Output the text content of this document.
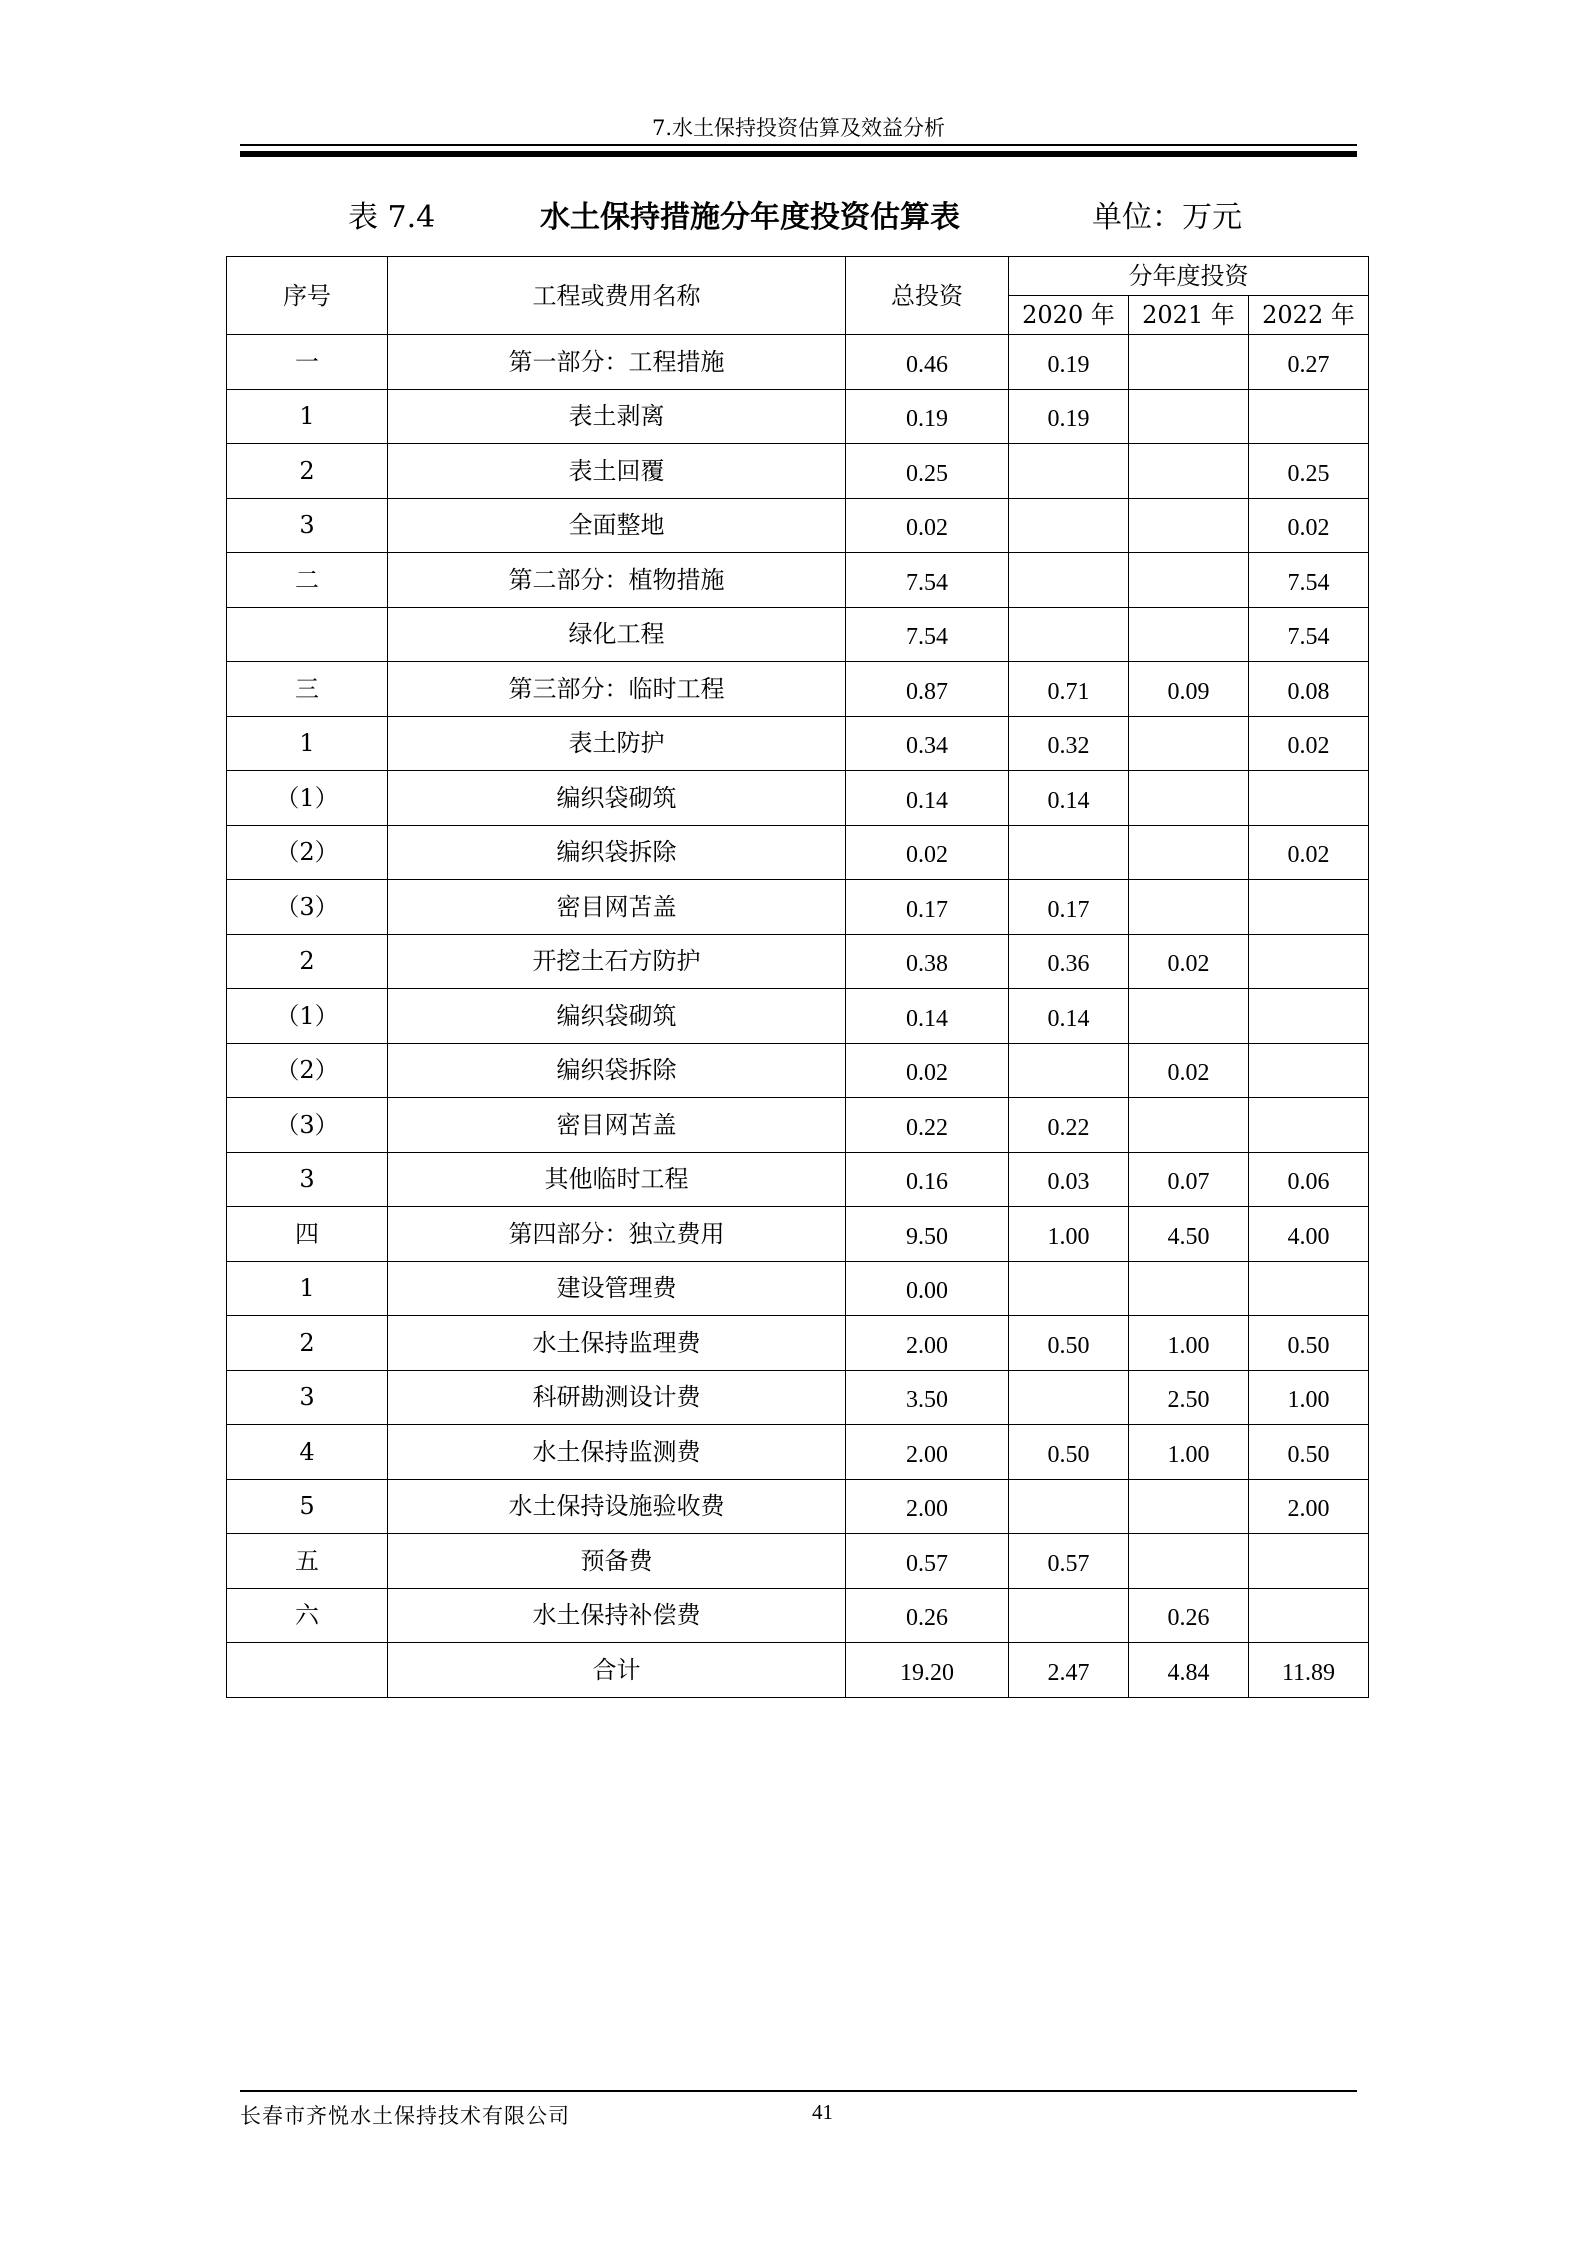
7.水土保持投资估算及效益分析
表 7.4	水土保持措施分年度投资估算表	单位：万元
序号	工程或费用名称	总投资	分年度投资		
			2020 年	2021 年	2022 年
一	第一部分：工程措施	0.46	0.19		0.27
1	表土剥离	0.19	0.19		
2	表土回覆	0.25			0.25
3	全面整地	0.02			0.02
二	第二部分：植物措施	7.54			7.54
	绿化工程	7.54			7.54
三	第三部分：临时工程	0.87	0.71	0.09	0.08
1	表土防护	0.34	0.32		0.02
（1）	编织袋砌筑	0.14	0.14		
（2）	编织袋拆除	0.02			0.02
（3）	密目网苫盖	0.17	0.17		
2	开挖土石方防护	0.38	0.36	0.02	
（1）	编织袋砌筑	0.14	0.14		
（2）	编织袋拆除	0.02		0.02	
（3）	密目网苫盖	0.22	0.22		
3	其他临时工程	0.16	0.03	0.07	0.06
四	第四部分：独立费用	9.50	1.00	4.50	4.00
1	建设管理费	0.00			
2	水土保持监理费	2.00	0.50	1.00	0.50
3	科研勘测设计费	3.50		2.50	1.00
4	水土保持监测费	2.00	0.50	1.00	0.50
5	水土保持设施验收费	2.00			2.00
五	预备费	0.57	0.57		
六	水土保持补偿费	0.26		0.26	
	合计	19.20	2.47	4.84	11.89
长春市齐悦水土保持技术有限公司	41
